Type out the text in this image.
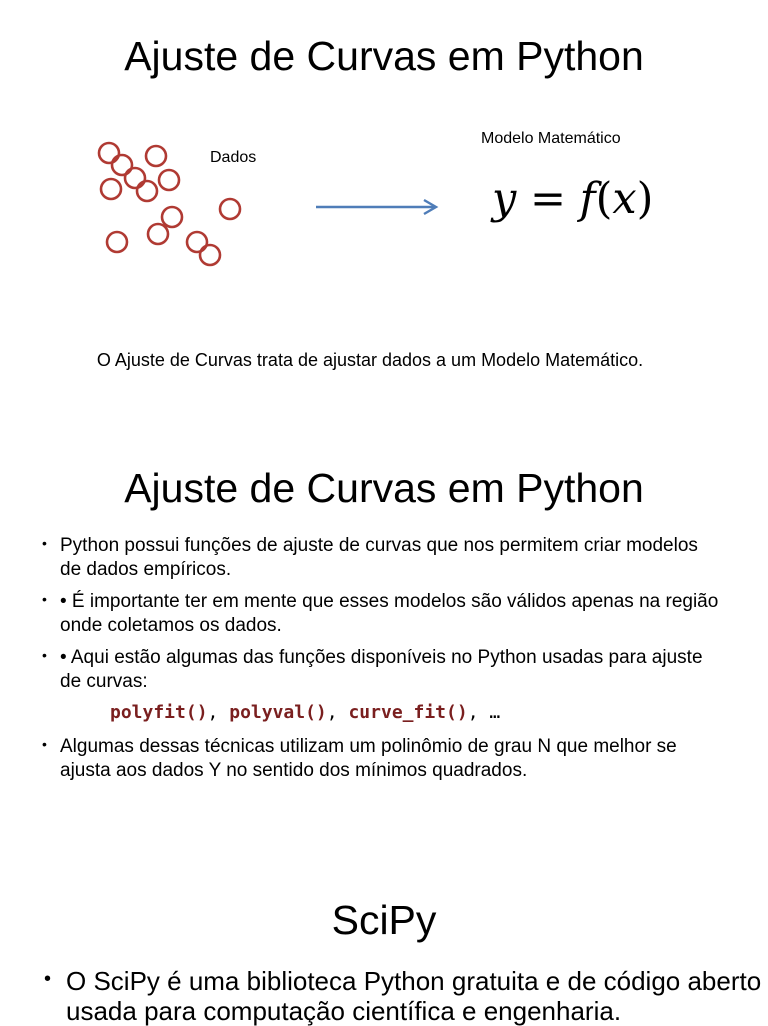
Ajuste de Curvas em Python
Dados
Modelo Matemático
y = f(x)
O Ajuste de Curvas trata de ajustar dados a um Modelo Matemático.
Ajuste de Curvas em Python
• Python possui funções de ajuste de curvas que nos permitem criar modelos de dados empíricos.
• • É importante ter em mente que esses modelos são válidos apenas na região onde coletamos os dados.
• • Aqui estão algumas das funções disponíveis no Python usadas para ajuste de curvas:
polyfit(), polyval(), curve_fit(), …
• Algumas dessas técnicas utilizam um polinômio de grau N que melhor se ajusta aos dados Y no sentido dos mínimos quadrados.
SciPy
• O SciPy é uma biblioteca Python gratuita e de código aberto usada para computação científica e engenharia.
